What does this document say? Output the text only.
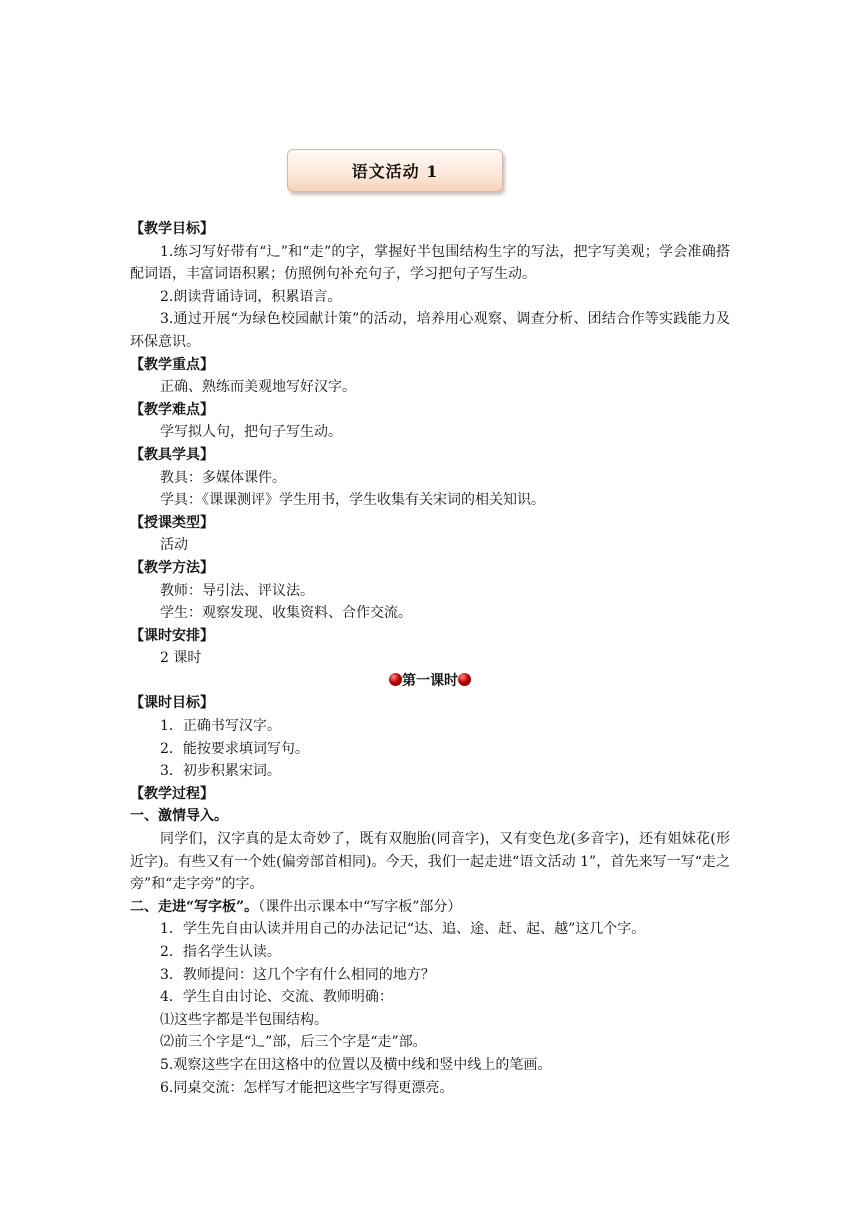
语文活动 1
【教学目标】
1.练习写好带有“辶”和“走”的字，掌握好半包围结构生字的写法，把字写美观；学会准确搭配词语，丰富词语积累；仿照例句补充句子，学习把句子写生动。
2.朗读背诵诗词，积累语言。
3.通过开展“为绿色校园献计策”的活动，培养用心观察、调查分析、团结合作等实践能力及环保意识。
【教学重点】
正确、熟练而美观地写好汉字。
【教学难点】
学写拟人句，把句子写生动。
【教具学具】
教具：多媒体课件。
学具：《课课测评》学生用书，学生收集有关宋词的相关知识。
【授课类型】
活动
【教学方法】
教师：导引法、评议法。
学生：观察发现、收集资料、合作交流。
【课时安排】
2 课时
第一课时
【课时目标】
1．正确书写汉字。
2．能按要求填词写句。
3．初步积累宋词。
【教学过程】
一、激情导入。
同学们，汉字真的是太奇妙了，既有双胞胎(同音字)，又有变色龙(多音字)，还有姐妹花(形近字)。有些又有一个姓(偏旁部首相同)。今天，我们一起走进“语文活动 1”，首先来写一写“走之旁”和“走字旁”的字。
二、走进“写字板”。（课件出示课本中“写字板”部分）
1．学生先自由认读并用自己的办法记记“达、追、途、赶、起、越”这几个字。
2．指名学生认读。
3．教师提问：这几个字有什么相同的地方？
4．学生自由讨论、交流、教师明确：
⑴这些字都是半包围结构。
⑵前三个字是“辶”部，后三个字是“走”部。
5.观察这些字在田这格中的位置以及横中线和竖中线上的笔画。
6.同桌交流：怎样写才能把这些字写得更漂亮。
